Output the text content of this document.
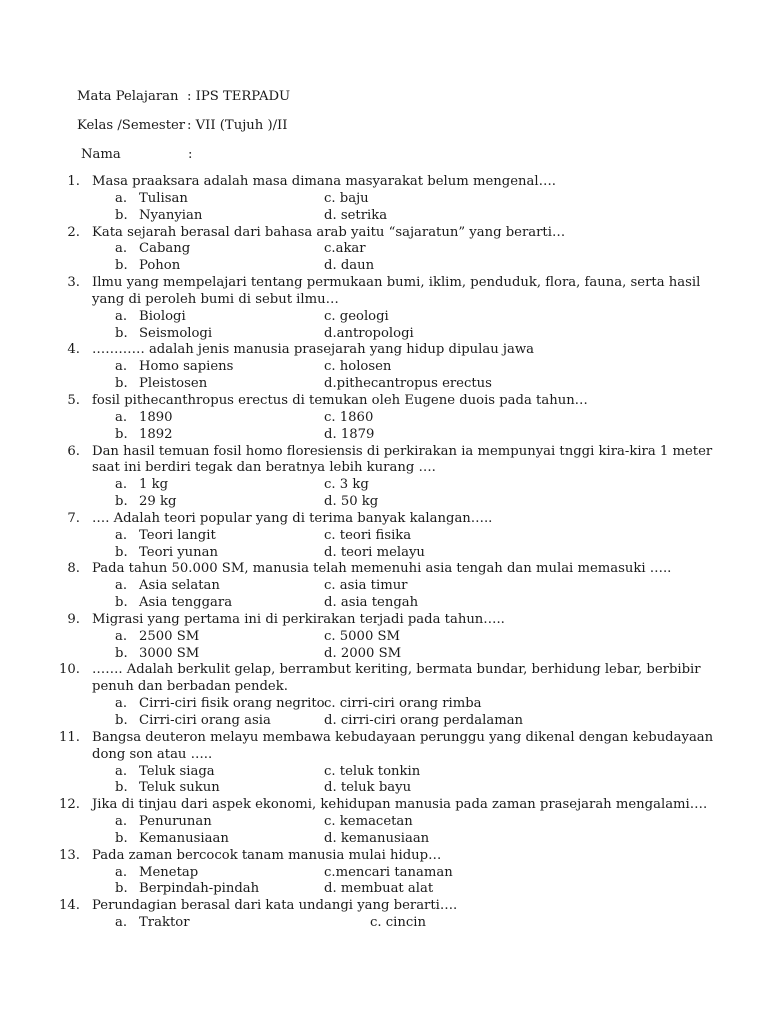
Mata Pelajaran

: IPS TERPADU

Kelas /Semester

: VII (Tujuh )/II

Nama

	:

1. Masa praaksara adalah masa dimana masyarakat belum mengenal….
a. Tulisan	c. baju
b. Nyanyian	d. setrika
2. Kata sejarah berasal dari bahasa arab yaitu “sajaratun” yang berarti…
a. Cabang	c.akar
b. Pohon	d. daun
3. Ilmu yang mempelajari tentang permukaan bumi, iklim, penduduk, flora, fauna, serta hasil
yang di peroleh bumi di sebut ilmu…
a. Biologi	c. geologi
b. Seismologi	d.antropologi
4. ………… adalah jenis manusia prasejarah yang hidup dipulau jawa
a. Homo sapiens	c. holosen
b. Pleistosen	d.pithecantropus erectus
5. fosil pithecanthropus erectus di temukan oleh Eugene duois pada tahun…
a. 1890	c. 1860
b. 1892	d. 1879
6. Dan hasil temuan fosil homo floresiensis di perkirakan ia mempunyai tnggi kira-kira 1 meter
saat ini berdiri tegak dan beratnya lebih kurang ….
a. 1 kg	c. 3 kg
b. 29 kg	d. 50 kg
7. …. Adalah teori popular yang di terima banyak kalangan…..
a. Teori langit	c. teori fisika
b. Teori yunan	d. teori melayu
8. Pada tahun 50.000 SM, manusia telah memenuhi asia tengah dan mulai memasuki …..
a. Asia selatan	c. asia timur
b. Asia tenggara	d. asia tengah
9. Migrasi yang pertama ini di perkirakan terjadi pada tahun…..
a. 2500 SM	c. 5000 SM
b. 3000 SM	d. 2000 SM
10. ……. Adalah berkulit gelap, berrambut keriting, bermata bundar, berhidung lebar, berbibir
penuh dan berbadan pendek.
a. Cirri-ciri fisik orang negrito c. cirri-ciri orang rimba
b. Cirri-ciri orang asia	d. cirri-ciri orang perdalaman
11. Bangsa deuteron melayu membawa kebudayaan perunggu yang dikenal dengan kebudayaan
dong son atau …..
a. Teluk siaga	c. teluk tonkin
b. Teluk sukun	d. teluk bayu
12. Jika di tinjau dari aspek ekonomi, kehidupan manusia pada zaman prasejarah mengalami….
a. Penurunan	c. kemacetan
b. Kemanusiaan	d. kemanusiaan
13. Pada zaman bercocok tanam manusia mulai hidup…
a. Menetap	c.mencari tanaman
b. Berpindah-pindah	d. membuat alat
14. Perundagian berasal dari kata undangi yang berarti….
a. Traktor	c. cincin
